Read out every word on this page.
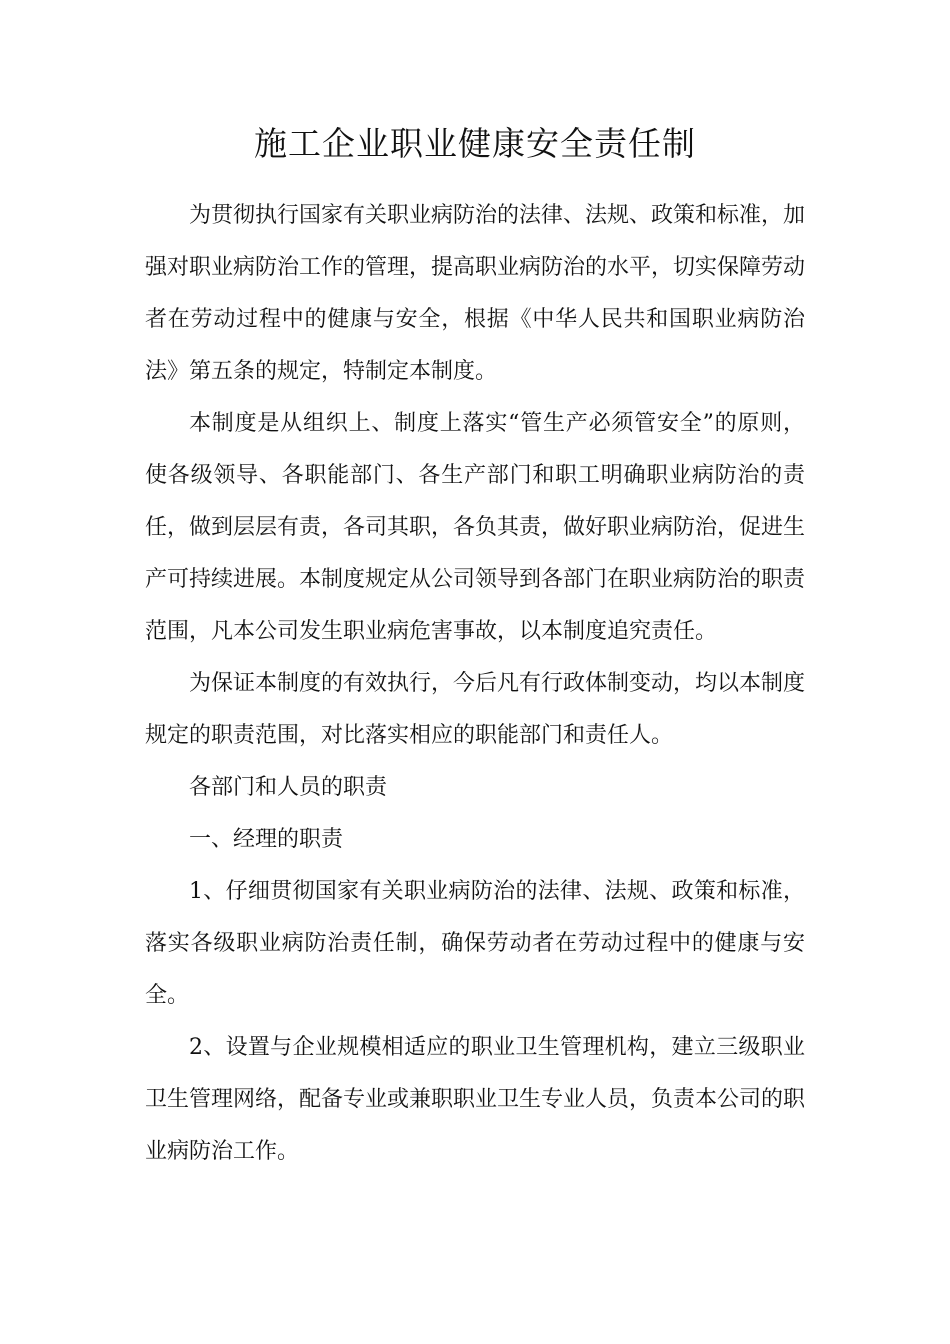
施工企业职业健康安全责任制

为贯彻执行国家有关职业病防治的法律、法规、政策和标准，加强对职业病防治工作的管理，提高职业病防治的水平，切实保障劳动者在劳动过程中的健康与安全，根据《中华人民共和国职业病防治法》第五条的规定，特制定本制度。

本制度是从组织上、制度上落实“管生产必须管安全”的原则，使各级领导、各职能部门、各生产部门和职工明确职业病防治的责任，做到层层有责，各司其职，各负其责，做好职业病防治，促进生产可持续进展。本制度规定从公司领导到各部门在职业病防治的职责范围，凡本公司发生职业病危害事故，以本制度追究责任。

为保证本制度的有效执行，今后凡有行政体制变动，均以本制度规定的职责范围，对比落实相应的职能部门和责任人。

各部门和人员的职责

一、经理的职责

1、仔细贯彻国家有关职业病防治的法律、法规、政策和标准，落实各级职业病防治责任制，确保劳动者在劳动过程中的健康与安全。

2、设置与企业规模相适应的职业卫生管理机构，建立三级职业卫生管理网络，配备专业或兼职职业卫生专业人员，负责本公司的职业病防治工作。
